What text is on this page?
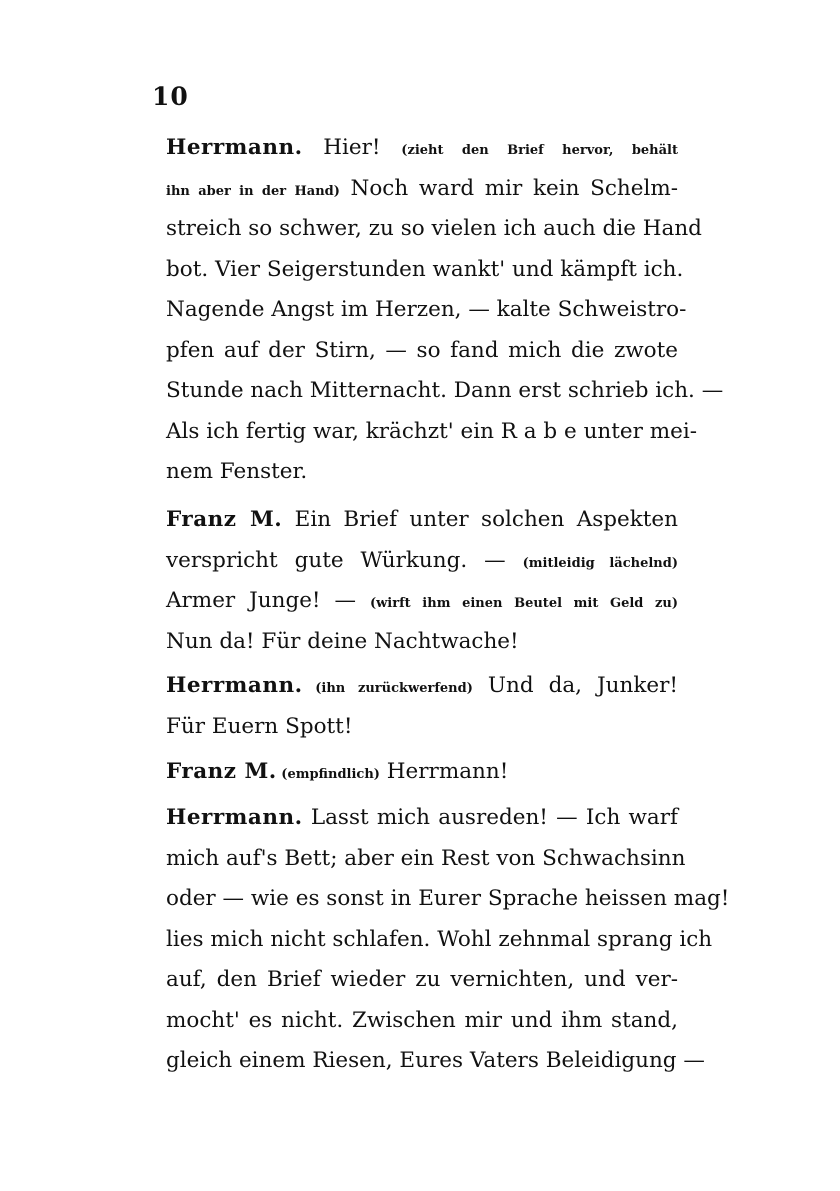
10
Herrmann. Hier! (zieht den Brief hervor, behält
ihn aber in der Hand) Noch ward mir kein Schelm-
streich so schwer, zu so vielen ich auch die Hand
bot. Vier Seigerstunden wankt' und kämpft ich.
Nagende Angst im Herzen, — kalte Schweistro-
pfen auf der Stirn, — so fand mich die zwote
Stunde nach Mitternacht. Dann erst schrieb ich. —
Als ich fertig war, krächzt' ein R a b e unter mei-
nem Fenster.
Franz M. Ein Brief unter solchen Aspekten
verspricht gute Würkung. — (mitleidig lächelnd)
Armer Junge! — (wirft ihm einen Beutel mit Geld zu)
Nun da! Für deine Nachtwache!
Herrmann. (ihn zurückwerfend) Und da, Junker!
Für Euern Spott!
Franz M. (empfindlich) Herrmann!
Herrmann. Lasst mich ausreden! — Ich warf
mich auf's Bett; aber ein Rest von Schwachsinn
oder — wie es sonst in Eurer Sprache heissen mag!
lies mich nicht schlafen. Wohl zehnmal sprang ich
auf, den Brief wieder zu vernichten, und ver-
mocht' es nicht. Zwischen mir und ihm stand,
gleich einem Riesen, Eures Vaters Beleidigung —
